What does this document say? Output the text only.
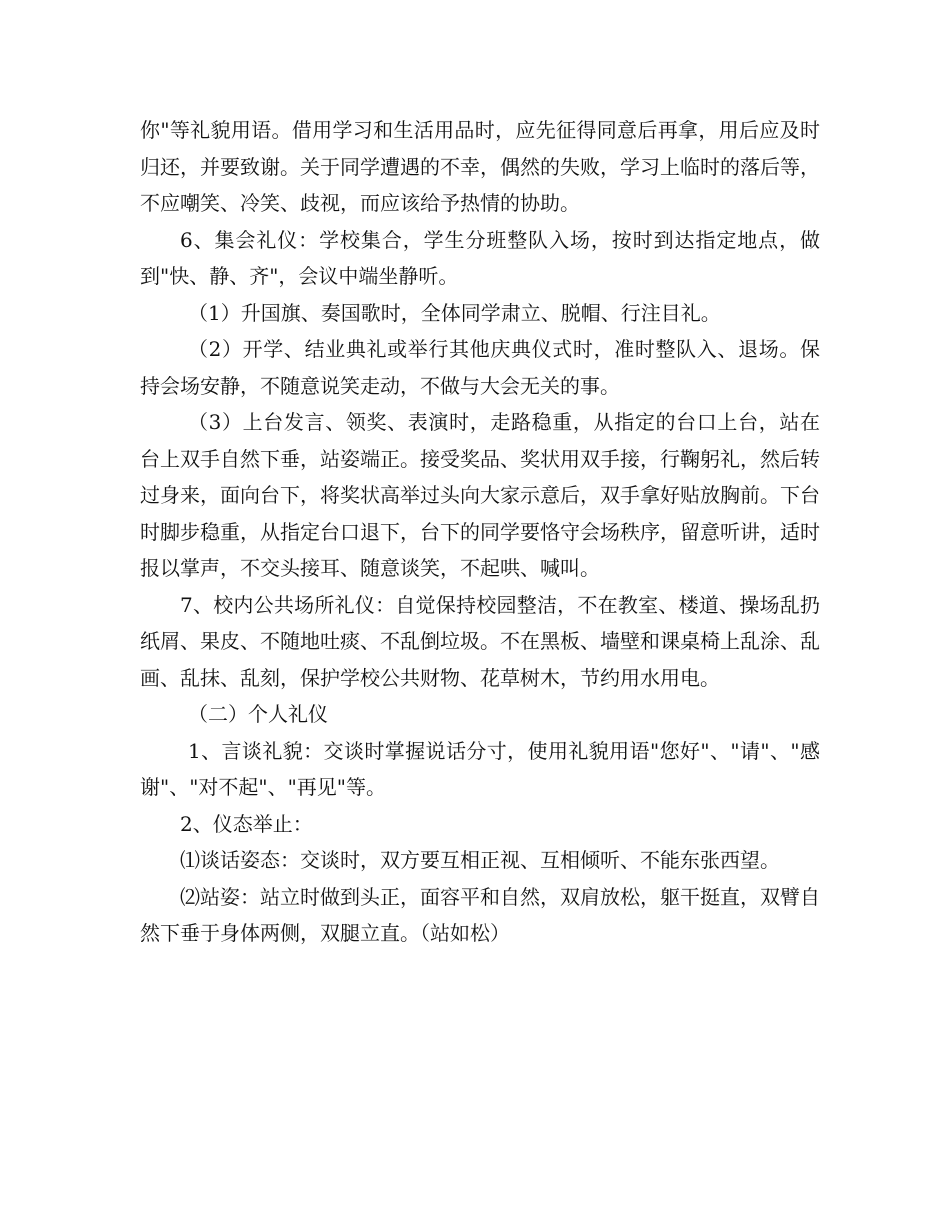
你"等礼貌用语。借用学习和生活用品时，应先征得同意后再拿，用后应及时归还，并要致谢。关于同学遭遇的不幸，偶然的失败，学习上临时的落后等，不应嘲笑、冷笑、歧视，而应该给予热情的协助。

6、集会礼仪：学校集合，学生分班整队入场，按时到达指定地点，做到"快、静、齐"，会议中端坐静听。

（1）升国旗、奏国歌时，全体同学肃立、脱帽、行注目礼。

（2）开学、结业典礼或举行其他庆典仪式时，准时整队入、退场。保持会场安静，不随意说笑走动，不做与大会无关的事。

（3）上台发言、领奖、表演时，走路稳重，从指定的台口上台，站在台上双手自然下垂，站姿端正。接受奖品、奖状用双手接，行鞠躬礼，然后转过身来，面向台下，将奖状高举过头向大家示意后，双手拿好贴放胸前。下台时脚步稳重，从指定台口退下，台下的同学要恪守会场秩序，留意听讲，适时报以掌声，不交头接耳、随意谈笑，不起哄、喊叫。

7、校内公共场所礼仪：自觉保持校园整洁，不在教室、楼道、操场乱扔纸屑、果皮、不随地吐痰、不乱倒垃圾。不在黑板、墙壁和课桌椅上乱涂、乱画、乱抹、乱刻，保护学校公共财物、花草树木，节约用水用电。

（二）个人礼仪

1、言谈礼貌：交谈时掌握说话分寸，使用礼貌用语"您好"、"请"、"感谢"、"对不起"、"再见"等。

2、仪态举止：

⑴谈话姿态：交谈时，双方要互相正视、互相倾听、不能东张西望。

⑵站姿：站立时做到头正，面容平和自然，双肩放松，躯干挺直，双臂自然下垂于身体两侧，双腿立直。（站如松）
